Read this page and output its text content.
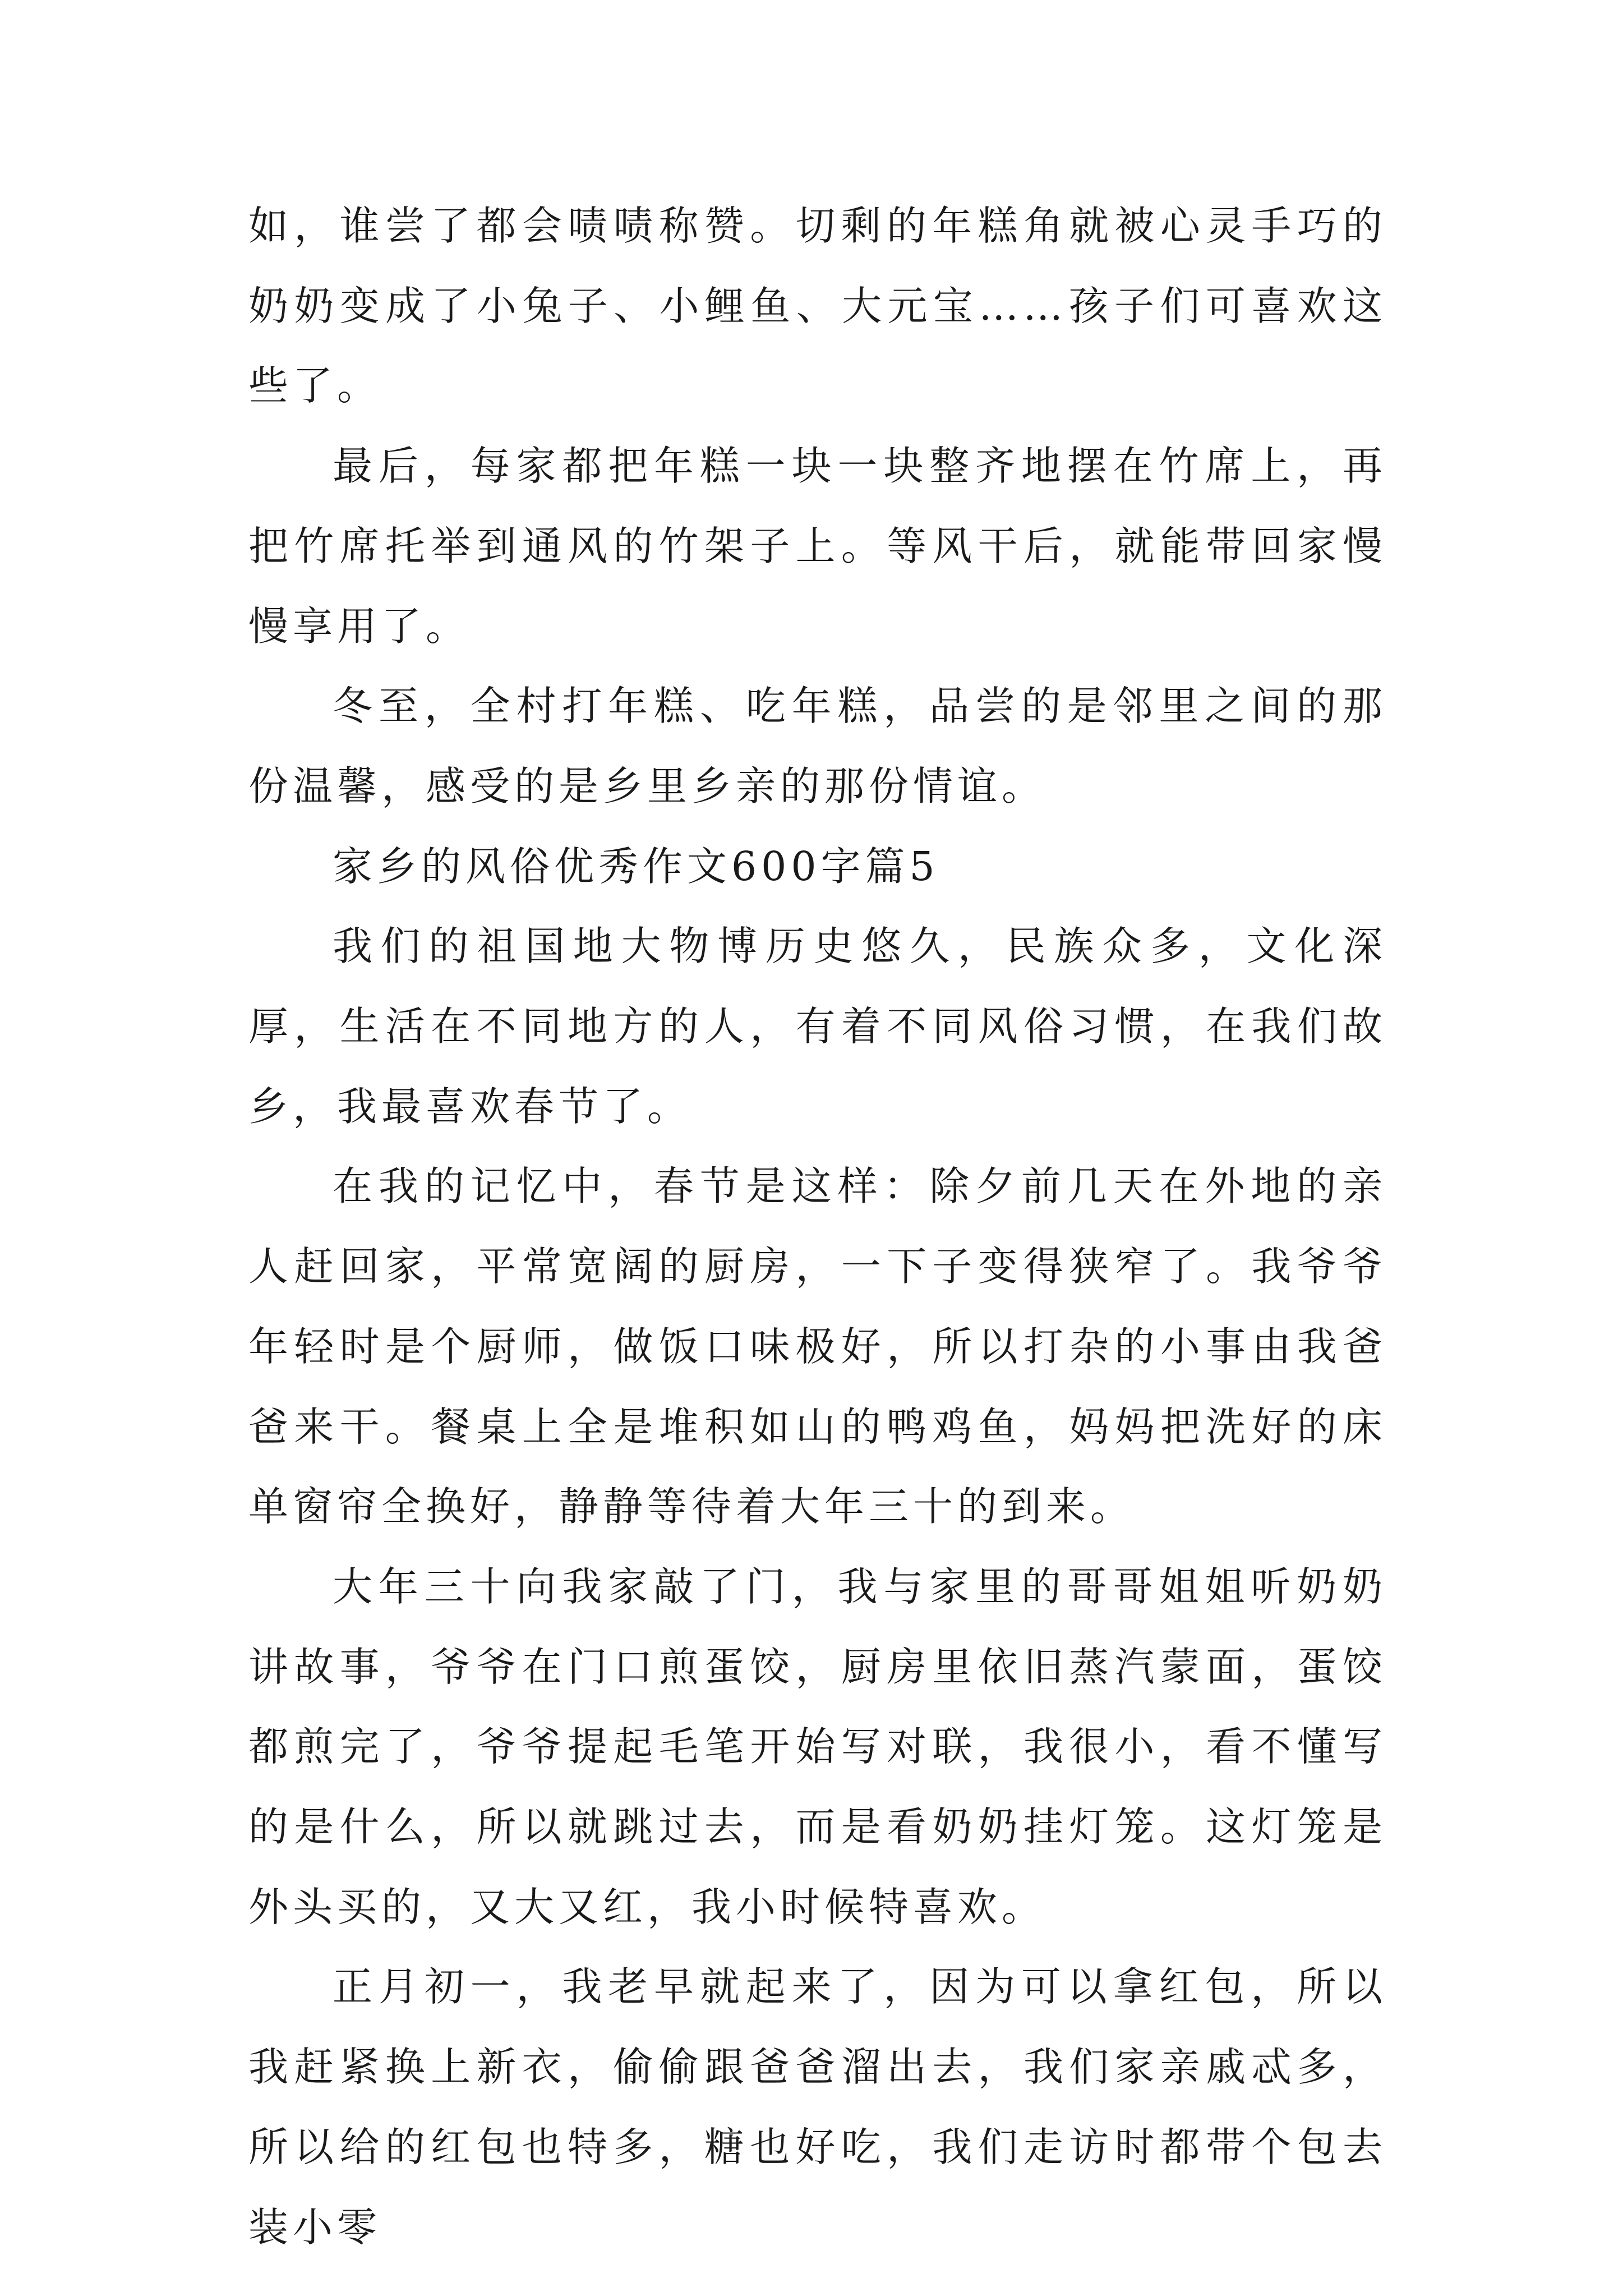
如，谁尝了都会啧啧称赞。切剩的年糕角就被心灵手巧的奶奶变成了小兔子、小鲤鱼、大元宝……孩子们可喜欢这些了。

最后，每家都把年糕一块一块整齐地摆在竹席上，再把竹席托举到通风的竹架子上。等风干后，就能带回家慢慢享用了。

冬至，全村打年糕、吃年糕，品尝的是邻里之间的那份温馨，感受的是乡里乡亲的那份情谊。

家乡的风俗优秀作文600字篇5

我们的祖国地大物博历史悠久，民族众多，文化深厚，生活在不同地方的人，有着不同风俗习惯，在我们故乡，我最喜欢春节了。

在我的记忆中，春节是这样：除夕前几天在外地的亲人赶回家，平常宽阔的厨房，一下子变得狭窄了。我爷爷年轻时是个厨师，做饭口味极好，所以打杂的小事由我爸爸来干。餐桌上全是堆积如山的鸭鸡鱼，妈妈把洗好的床单窗帘全换好，静静等待着大年三十的到来。

大年三十向我家敲了门，我与家里的哥哥姐姐听奶奶讲故事，爷爷在门口煎蛋饺，厨房里依旧蒸汽蒙面，蛋饺都煎完了，爷爷提起毛笔开始写对联，我很小，看不懂写的是什么，所以就跳过去，而是看奶奶挂灯笼。这灯笼是外头买的，又大又红，我小时候特喜欢。

正月初一，我老早就起来了，因为可以拿红包，所以我赶紧换上新衣，偷偷跟爸爸溜出去，我们家亲戚忒多，所以给的红包也特多，糖也好吃，我们走访时都带个包去装小零
